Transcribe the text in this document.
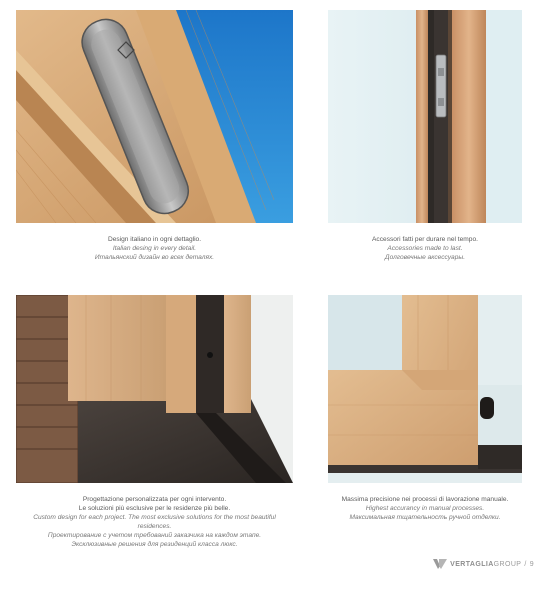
Design italiano in ogni dettaglio.
Italian desing in every detail.
Итальянский дизайн во всех деталях.
Accessori fatti per durare nel tempo.
Accessories made to last.
Долговечные аксессуары.
Progettazione personalizzata per ogni intervento.
Le soluzioni più esclusive per le residenze più belle.
Custom design for each project. The most exclusive solutions for the most beautiful residences.
Проектирование с учетом требований заказчика на каждом этапе.
Эксклюзивные решения для резиденций класса люкс.
Massima precisione nei processi di lavorazione manuale.
Highest accurancy in manual processes.
Максимальная тщательность ручной отделки.
VERTAGLIAGROUP / 9
